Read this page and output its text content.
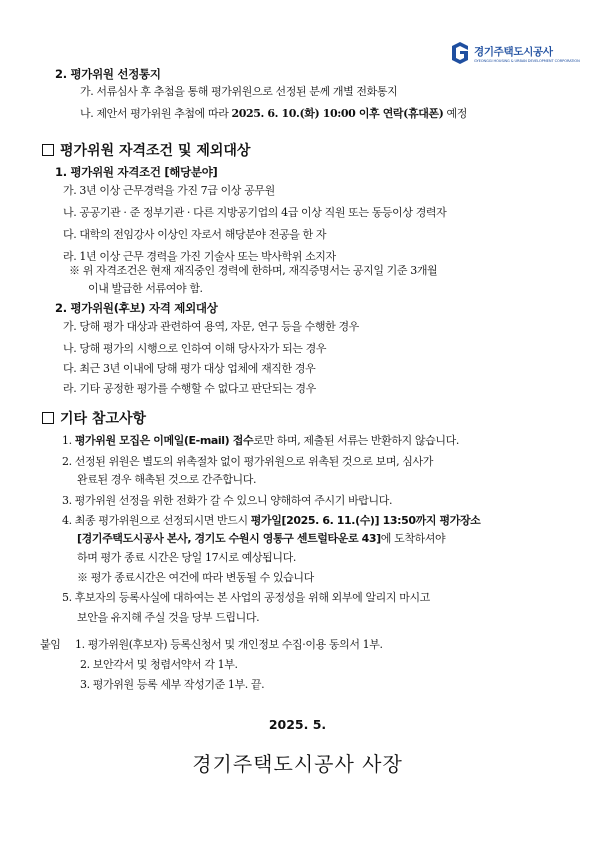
경기주택도시공사
GYEONGGI HOUSING & URBAN DEVELOPMENT CORPORATION
2. 평가위원 선정통지
가. 서류심사 후 추첨을 통해 평가위원으로 선정된 분께 개별 전화통지
나. 제안서 평가위원 추첨에 따라 2025. 6. 10.(화) 10:00 이후 연락(휴대폰) 예정
평가위원 자격조건 및 제외대상
1. 평가위원 자격조건 [해당분야]
가. 3년 이상 근무경력을 가진 7급 이상 공무원
나. 공공기관 · 준 정부기관 · 다른 지방공기업의 4급 이상 직원 또는 동등이상 경력자
다. 대학의 전임강사 이상인 자로서 해당분야 전공을 한 자
라. 1년 이상 근무 경력을 가진 기술사 또는 박사학위 소지자
※ 위 자격조건은 현재 재직중인 경력에 한하며, 재직증명서는 공지일 기준 3개월
이내 발급한 서류여야 함.
2. 평가위원(후보) 자격 제외대상
가. 당해 평가 대상과 관련하여 용역, 자문, 연구 등을 수행한 경우
나. 당해 평가의 시행으로 인하여 이해 당사자가 되는 경우
다. 최근 3년 이내에 당해 평가 대상 업체에 재직한 경우
라. 기타 공정한 평가를 수행할 수 없다고 판단되는 경우
기타 참고사항
1. 평가위원 모집은 이메일(E-mail) 접수로만 하며, 제출된 서류는 반환하지 않습니다.
2. 선정된 위원은 별도의 위촉절차 없이 평가위원으로 위촉된 것으로 보며, 심사가
완료된 경우 해촉된 것으로 간주합니다.
3. 평가위원 선정을 위한 전화가 갈 수 있으니 양해하여 주시기 바랍니다.
4. 최종 평가위원으로 선정되시면 반드시 평가일[2025. 6. 11.(수)] 13:50까지 평가장소
[경기주택도시공사 본사, 경기도 수원시 영통구 센트럴타운로 43]에 도착하셔야
하며 평가 종료 시간은 당일 17시로 예상됩니다.
※ 평가 종료시간은 여건에 따라 변동될 수 있습니다
5. 후보자의 등록사실에 대하여는 본 사업의 공정성을 위해 외부에 알리지 마시고
보안을 유지해 주실 것을 당부 드립니다.
붙임 1. 평가위원(후보자) 등록신청서 및 개인정보 수집·이용 동의서 1부.
2. 보안각서 및 청렴서약서 각 1부.
3. 평가위원 등록 세부 작성기준 1부. 끝.
2025. 5.
경기주택도시공사 사장
